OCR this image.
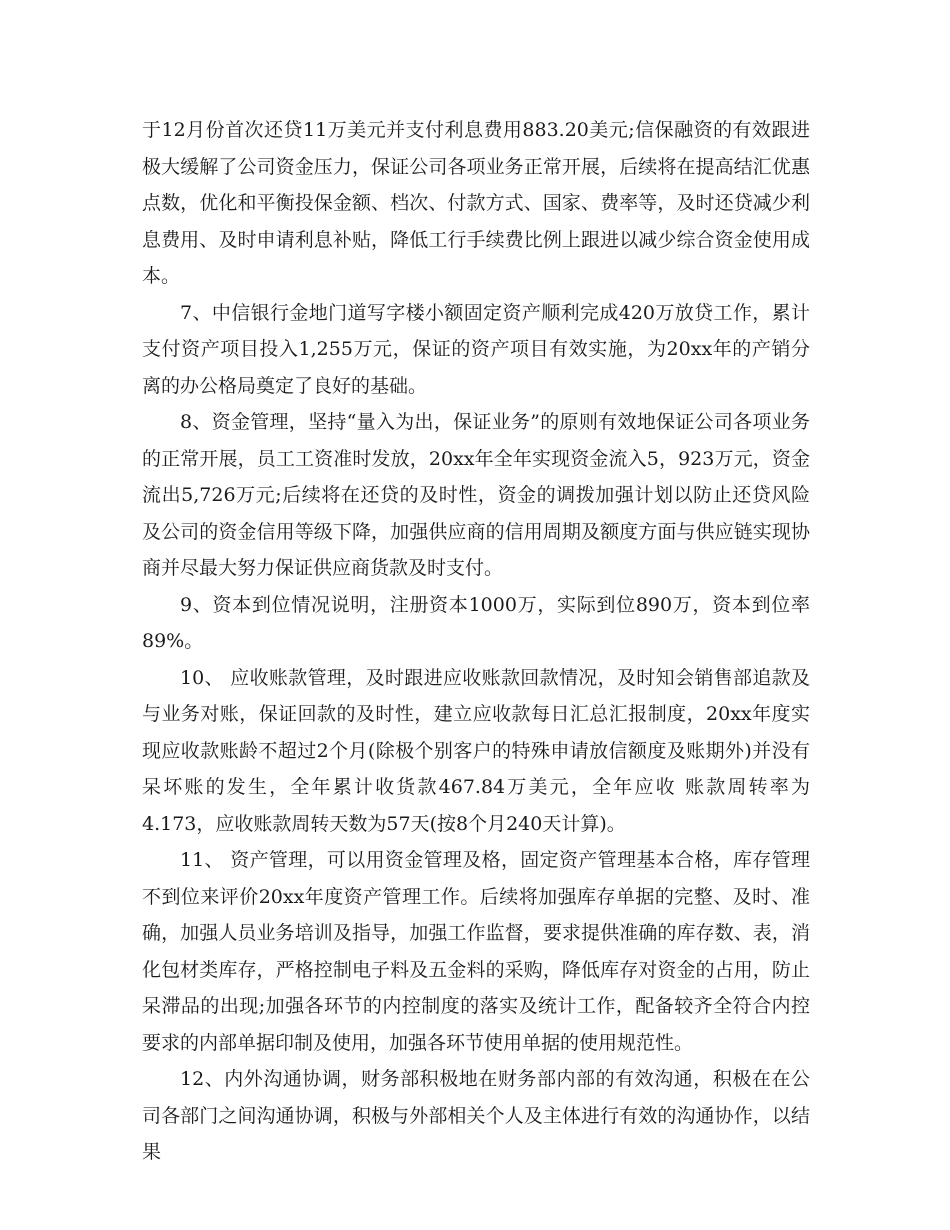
于12月份首次还贷11万美元并支付利息费用883.20美元;信保融资的有效跟进极大缓解了公司资金压力，保证公司各项业务正常开展，后续将在提高结汇优惠点数，优化和平衡投保金额、档次、付款方式、国家、费率等，及时还贷减少利息费用、及时申请利息补贴，降低工行手续费比例上跟进以减少综合资金使用成本。

7、中信银行金地门道写字楼小额固定资产顺利完成420万放贷工作，累计支付资产项目投入1,255万元，保证的资产项目有效实施，为20xx年的产销分离的办公格局奠定了良好的基础。

8、资金管理，坚持“量入为出，保证业务”的原则有效地保证公司各项业务的正常开展，员工工资准时发放，20xx年全年实现资金流入5，923万元，资金流出5,726万元;后续将在还贷的及时性，资金的调拨加强计划以防止还贷风险及公司的资金信用等级下降，加强供应商的信用周期及额度方面与供应链实现协商并尽最大努力保证供应商货款及时支付。

9、资本到位情况说明，注册资本1000万，实际到位890万，资本到位率89%。

10、 应收账款管理，及时跟进应收账款回款情况，及时知会销售部追款及与业务对账，保证回款的及时性，建立应收款每日汇总汇报制度，20xx年度实现应收款账龄不超过2个月(除极个别客户的特殊申请放信额度及账期外)并没有呆坏账的发生，全年累计收货款467.84万美元，全年应收 账款周转率为4.173，应收账款周转天数为57天(按8个月240天计算)。

11、 资产管理，可以用资金管理及格，固定资产管理基本合格，库存管理不到位来评价20xx年度资产管理工作。后续将加强库存单据的完整、及时、准确，加强人员业务培训及指导，加强工作监督，要求提供准确的库存数、表，消化包材类库存，严格控制电子料及五金料的采购，降低库存对资金的占用，防止呆滞品的出现;加强各环节的内控制度的落实及统计工作，配备较齐全符合内控要求的内部单据印制及使用，加强各环节使用单据的使用规范性。

12、内外沟通协调，财务部积极地在财务部内部的有效沟通，积极在在公司各部门之间沟通协调，积极与外部相关个人及主体进行有效的沟通协作，以结果
